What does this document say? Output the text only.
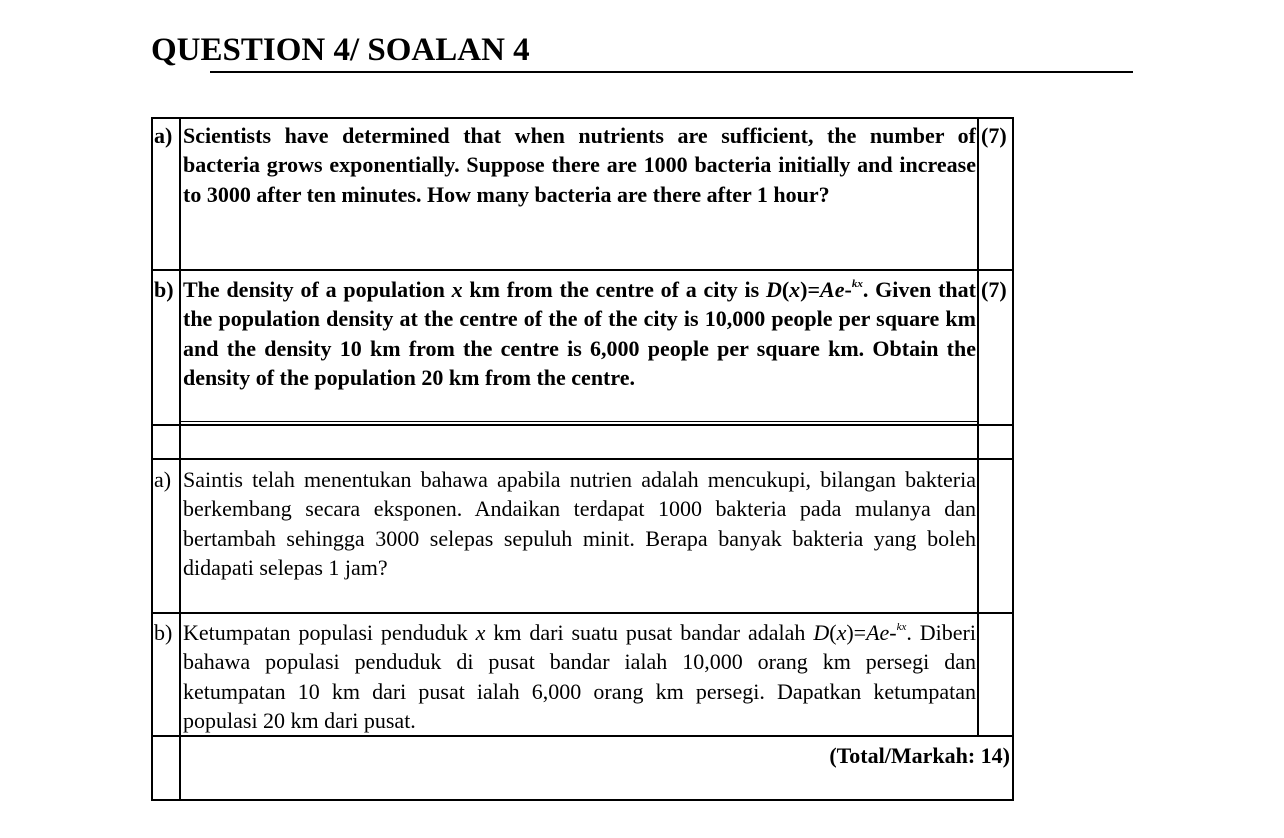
QUESTION 4/ SOALAN 4
a) Scientists have determined that when nutrients are sufficient, the number of bacteria grows exponentially. Suppose there are 1000 bacteria initially and increase to 3000 after ten minutes. How many bacteria are there after 1 hour?
(7)
b) The density of a population x km from the centre of a city is D(x)=Ae-$^{kx}$. Given that the population density at the centre of the of the city is 10,000 people per square km and the density 10 km from the centre is 6,000 people per square km. Obtain the density of the population 20 km from the centre.
(7)
a) Saintis telah menentukan bahawa apabila nutrien adalah mencukupi, bilangan bakteria berkembang secara eksponen. Andaikan terdapat 1000 bakteria pada mulanya dan bertambah sehingga 3000 selepas sepuluh minit. Berapa banyak bakteria yang boleh didapati selepas 1 jam?
b) Ketumpatan populasi penduduk x km dari suatu pusat bandar adalah D(x)=Ae-$^{kx}$. Diberi bahawa populasi penduduk di pusat bandar ialah 10,000 orang km persegi dan ketumpatan 10 km dari pusat ialah 6,000 orang km persegi. Dapatkan ketumpatan populasi 20 km dari pusat.
(Total/Markah: 14)
